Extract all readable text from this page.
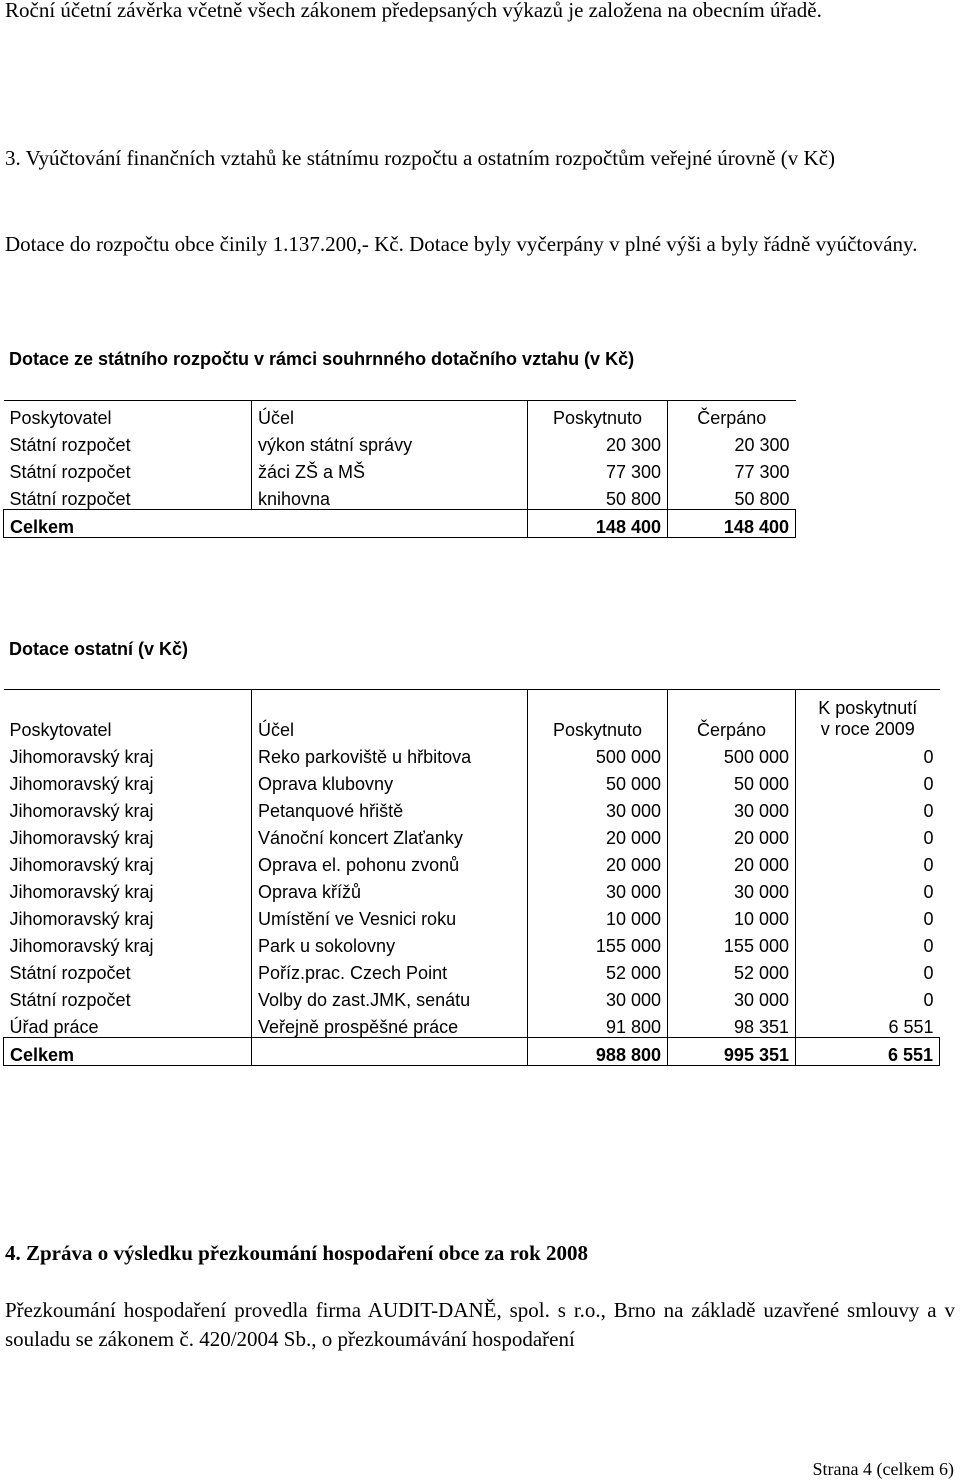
Roční účetní závěrka včetně všech zákonem předepsaných výkazů je založena na obecním úřadě.

3. Vyúčtování finančních vztahů ke státnímu rozpočtu a ostatním rozpočtům veřejné úrovně (v Kč)

Dotace do rozpočtu obce činily 1.137.200,- Kč. Dotace byly vyčerpány v plné výši a byly řádně vyúčtovány.

Dotace ze státního rozpočtu v rámci souhrnného dotačního vztahu (v Kč)

Poskytovatel	Účel	Poskytnuto	Čerpáno
Státní rozpočet	výkon státní správy	20 300	20 300
Státní rozpočet	žáci ZŠ a MŠ	77 300	77 300
Státní rozpočet	knihovna	50 800	50 800
Celkem		148 400	148 400

Dotace ostatní (v Kč)

Poskytovatel	Účel	Poskytnuto	Čerpáno	K poskytnutí
v roce 2009

Jihomoravský kraj	Reko parkoviště u hřbitova	500 000	500 000	0
Jihomoravský kraj	Oprava klubovny	50 000	50 000	0
Jihomoravský kraj	Petanquové hřiště	30 000	30 000	0
Jihomoravský kraj	Vánoční koncert Zlaťanky	20 000	20 000	0
Jihomoravský kraj	Oprava el. pohonu zvonů	20 000	20 000	0
Jihomoravský kraj	Oprava křížů	30 000	30 000	0
Jihomoravský kraj	Umístění ve Vesnici roku	10 000	10 000	0
Jihomoravský kraj	Park u sokolovny	155 000	155 000	0
Státní rozpočet	Poříz.prac. Czech Point	52 000	52 000	0
Státní rozpočet	Volby do zast.JMK, senátu	30 000	30 000	0
Úřad práce	Veřejně prospěšné práce	91 800	98 351	6 551
Celkem		988 800	995 351	6 551

4. Zpráva o výsledku přezkoumání hospodaření obce za rok 2008

Přezkoumání hospodaření provedla firma AUDIT-DANĚ, spol. s r.o., Brno na základě uzavřené smlouvy a v souladu se zákonem č. 420/2004 Sb., o přezkoumávání hospodaření

Strana 4 (celkem 6)
